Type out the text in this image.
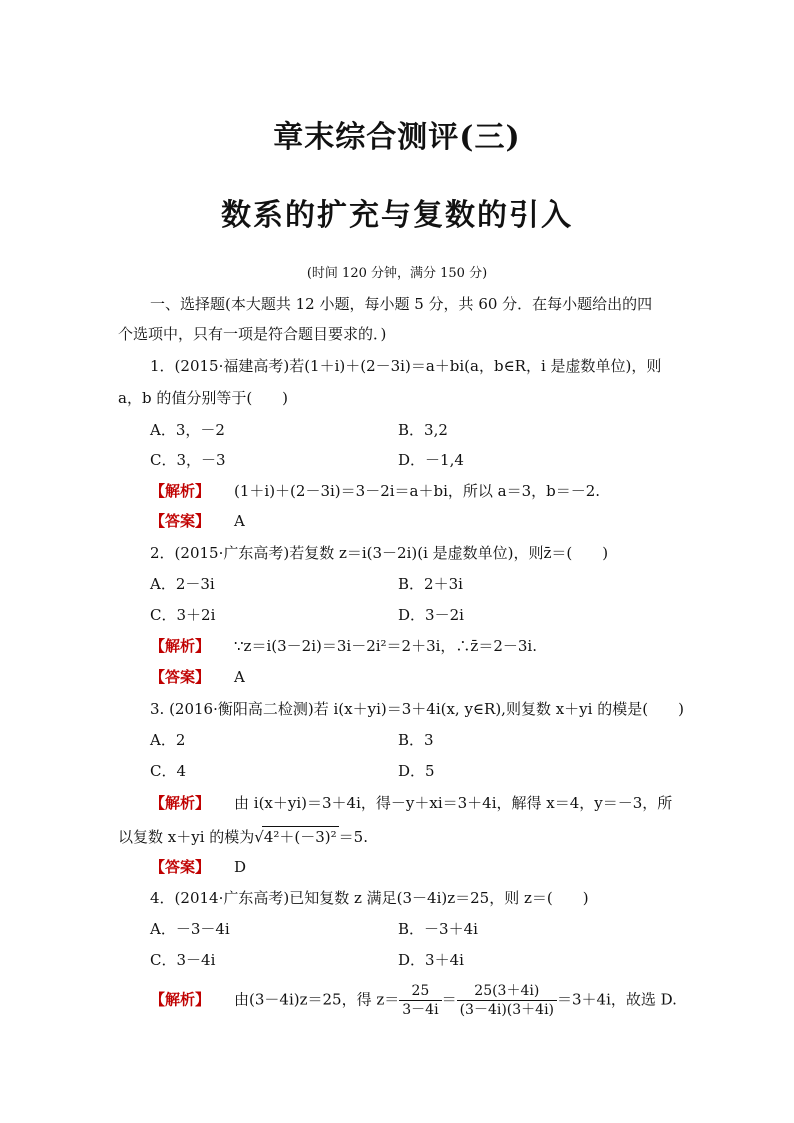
章末综合测评(三)
数系的扩充与复数的引入
(时间 120 分钟，满分 150 分)
一、选择题(本大题共 12 小题，每小题 5 分，共 60 分．在每小题给出的四
个选项中，只有一项是符合题目要求的．)
1．(2015·福建高考)若(1＋i)＋(2－3i)＝a＋bi(a，b∈R，i 是虚数单位)，则
a，b 的值分别等于(　　)
A．3，－2	B．3,2
C．3，－3	D．－1,4
【解析】 (1＋i)＋(2－3i)＝3－2i＝a＋bi，所以 a＝3，b＝－2.
【答案】 A
2．(2015·广东高考)若复数 z＝i(3－2i)(i 是虚数单位)，则z̄＝(　　)
A．2－3i	B．2＋3i
C．3＋2i	D．3－2i
【解析】 ∵z＝i(3－2i)＝3i－2i²＝2＋3i，∴z̄＝2－3i.
【答案】 A
3. (2016·衡阳高二检测)若 i(x＋yi)＝3＋4i(x, y∈R),则复数 x＋yi 的模是(　　)
A．2	B．3
C．4	D．5
【解析】 由 i(x＋yi)＝3＋4i，得－y＋xi＝3＋4i，解得 x＝4，y＝－3，所
以复数 x＋yi 的模为√4²＋(－3)² ＝5.
【答案】 D
4．(2014·广东高考)已知复数 z 满足(3－4i)z＝25，则 z＝(　　)
A．－3－4i	B．－3＋4i
C．3－4i	D．3＋4i
【解析】 由(3－4i)z＝25，得 $z= \frac{25}{3-4i} = \frac{25(3+4i)}{(3-4i)(3+4i)} =3+4i$，故选 D.
